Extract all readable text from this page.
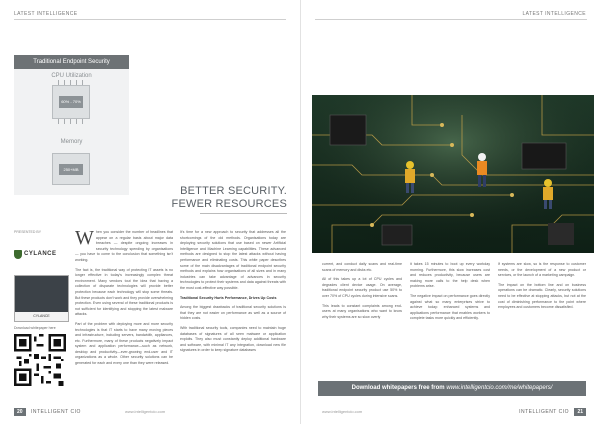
LATEST INTELLIGENCE
Traditional Endpoint Security
CPU Utilization
60% - 70%
Memory
250+MB
BETTER SECURITY.
FEWER RESOURCES
PRESENTED BY
CYLANCE
CYLANCE
Download whitepaper here

When you consider the number of headlines that appear on a regular basis about major data breaches — despite ongoing increases in security technology spending by organisations — you have to come to the conclusion that something isn't working.

The fact is, the traditional way of protecting IT assets is no longer effective in today's increasingly complex threat environment. Many vendors tout the idea that having a collection of disparate technologies will provide better protection because each technology will stop some threats. But these products don't work and they provide overwhelming protection. Even using several of these traditional products is not sufficient for identifying and stopping the latest malware attacks.

Part of the problem with deploying more and more security technologies is that IT starts to have many moving pieces and infrastructure, including servers, bandwidth, appliances, etc. Furthermore, many of these products negatively impact system and application performance—such as network, desktop and productivity—ever-growing end-user and IT organizations as a whole. Other security solutions can be generated for each and every one than they were released.

It's time for a new approach to security that addresses all the shortcomings of the old methods. Organisations today are deploying security solutions that use based on newer Artificial Intelligence and Machine Learning capabilities. These advanced methods are designed to stop the latest attacks without having performance and eliminating costs. This white paper describes some of the main disadvantages of traditional endpoint security methods and explains how organisations of all sizes and in many industries can take advantage of advances in security technologies to protect their systems and data against threats with the most cost-effective way possible.

Traditional Security Hurts Performance, Drives Up Costs

Among the biggest drawbacks of traditional security solutions is that they are not easier on performance as well as a source of hidden costs.

With traditional security tools, companies need to maintain huge databases of signatures of all seen malware or application exploits. They also must constantly deploy additional hardware and software, with minimal IT any integration, download new file signatures in order to keep signature databases

20 INTELLIGENT CIO	www.intelligentcio.com
LATEST INTELLIGENCE

current, and conduct daily scans and real-time scans of memory and disks etc.

All of this takes up a lot of CPU cycles and degrades client device usage. On average, traditional endpoint security product use 50% to over 70% of CPU cycles during intensive scans.

This leads to constant complaints among end-users at many organisations who want to know why their systems are so slow overly

it takes 15 minutes to boot up every workday morning. Furthermore, this slow increases cost and reduces productivity, because users are making more calls to the help desk when problems arise.

The negative impact on performance goes directly against what so many enterprises strive to achieve today: enhanced systems and applications performance that enables workers to complete tasks more quickly and efficiently.

If systems are slow, so is the response to customer needs, or the development of a new product or services, or the launch of a marketing campaign.

The impact on the bottom line and on business operations can be dramatic. Clearly, security solutions need to be effective at stopping attacks, but not at the cost of diminishing performance to the point where employees and customers become dissatisfied.

Download whitepapers free from www.intelligentcio.com/me/whitepapers/
www.intelligentcio.com	INTELLIGENT CIO 21
